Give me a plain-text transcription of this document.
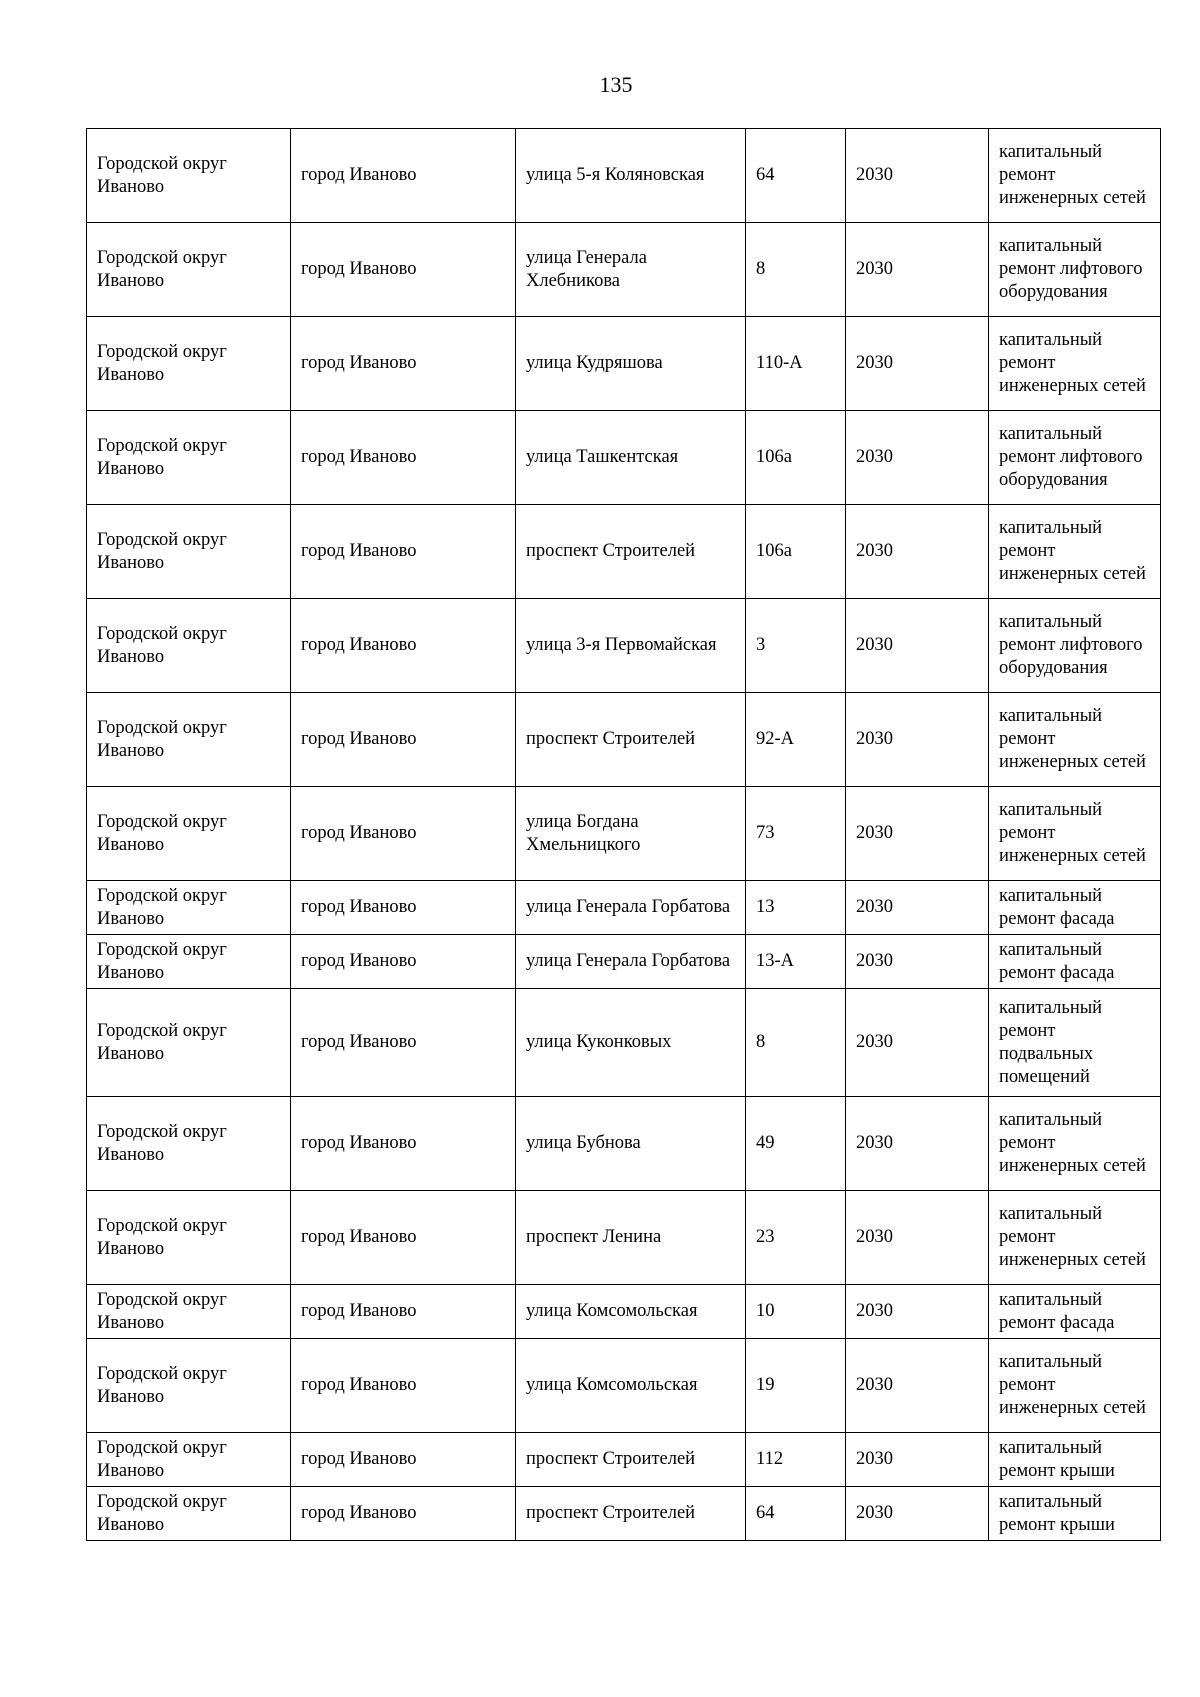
135
Городской округ Иваново	город Иваново	улица 5-я Коляновская	64	2030	капитальный ремонт инженерных сетей
Городской округ Иваново	город Иваново	улица Генерала Хлебникова	8	2030	капитальный ремонт лифтового оборудования
Городской округ Иваново	город Иваново	улица Кудряшова	110-А	2030	капитальный ремонт инженерных сетей
Городской округ Иваново	город Иваново	улица Ташкентская	106а	2030	капитальный ремонт лифтового оборудования
Городской округ Иваново	город Иваново	проспект Строителей	106а	2030	капитальный ремонт инженерных сетей
Городской округ Иваново	город Иваново	улица 3-я Первомайская	3	2030	капитальный ремонт лифтового оборудования
Городской округ Иваново	город Иваново	проспект Строителей	92-А	2030	капитальный ремонт инженерных сетей
Городской округ Иваново	город Иваново	улица Богдана Хмельницкого	73	2030	капитальный ремонт инженерных сетей
Городской округ Иваново	город Иваново	улица Генерала Горбатова	13	2030	капитальный ремонт фасада
Городской округ Иваново	город Иваново	улица Генерала Горбатова	13-А	2030	капитальный ремонт фасада
Городской округ Иваново	город Иваново	улица Куконковых	8	2030	капитальный ремонт подвальных помещений
Городской округ Иваново	город Иваново	улица Бубнова	49	2030	капитальный ремонт инженерных сетей
Городской округ Иваново	город Иваново	проспект Ленина	23	2030	капитальный ремонт инженерных сетей
Городской округ Иваново	город Иваново	улица Комсомольская	10	2030	капитальный ремонт фасада
Городской округ Иваново	город Иваново	улица Комсомольская	19	2030	капитальный ремонт инженерных сетей
Городской округ Иваново	город Иваново	проспект Строителей	112	2030	капитальный ремонт крыши
Городской округ Иваново	город Иваново	проспект Строителей	64	2030	капитальный ремонт крыши
